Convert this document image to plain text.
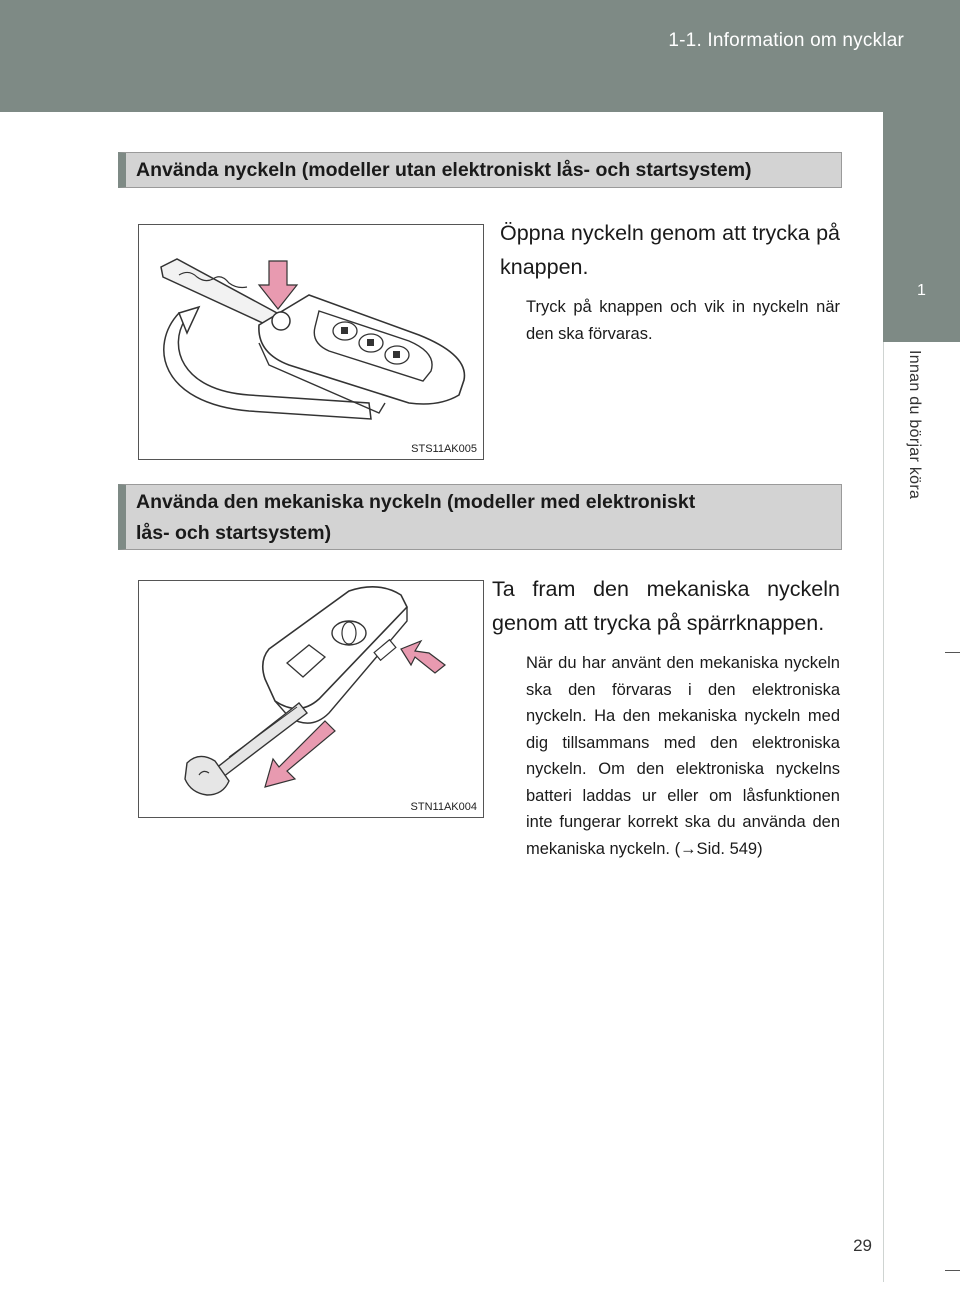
1-1. Information om nycklar
1
Innan du börjar köra
Använda nyckeln (modeller utan elektroniskt lås- och startsystem)
STS11AK005
Öppna nyckeln genom att trycka på knappen.
Tryck på knappen och vik in nyckeln när den ska förvaras.
Använda den mekaniska nyckeln (modeller med elektroniskt
lås- och startsystem)
STN11AK004
Ta fram den mekaniska nyckeln genom att trycka på spärrknappen.
När du har använt den mekaniska nyckeln ska den förvaras i den elektroniska nyckeln. Ha den mekaniska nyckeln med dig tillsammans med den elektroniska nyckeln. Om den elektroniska nyckelns batteri laddas ur eller om låsfunktionen inte fungerar korrekt ska du använda den mekaniska nyckeln. (→Sid. 549)
29
